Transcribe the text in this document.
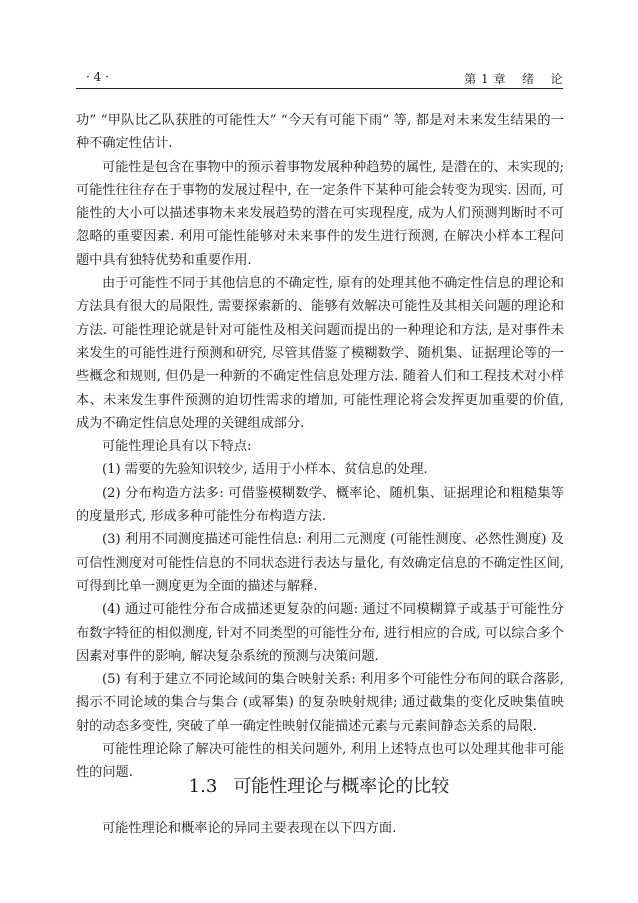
· 4 ·	第 1 章 绪 论

功” “甲队比乙队获胜的可能性大” “今天有可能下雨” 等, 都是对未来发生结果的一种不确定性估计.

可能性是包含在事物中的预示着事物发展种种趋势的属性, 是潜在的、未实现的; 可能性往往存在于事物的发展过程中, 在一定条件下某种可能会转变为现实. 因而, 可能性的大小可以描述事物未来发展趋势的潜在可实现程度, 成为人们预测判断时不可忽略的重要因素. 利用可能性能够对未来事件的发生进行预测, 在解决小样本工程问题中具有独特优势和重要作用.

由于可能性不同于其他信息的不确定性, 原有的处理其他不确定性信息的理论和方法具有很大的局限性, 需要探索新的、能够有效解决可能性及其相关问题的理论和方法. 可能性理论就是针对可能性及相关问题而提出的一种理论和方法, 是对事件未来发生的可能性进行预测和研究, 尽管其借鉴了模糊数学、随机集、证据理论等的一些概念和规则, 但仍是一种新的不确定性信息处理方法. 随着人们和工程技术对小样本、未来发生事件预测的迫切性需求的增加, 可能性理论将会发挥更加重要的价值, 成为不确定性信息处理的关键组成部分.

可能性理论具有以下特点:

(1) 需要的先验知识较少, 适用于小样本、贫信息的处理.

(2) 分布构造方法多: 可借鉴模糊数学、概率论、随机集、证据理论和粗糙集等的度量形式, 形成多种可能性分布构造方法.

(3) 利用不同测度描述可能性信息: 利用二元测度 (可能性测度、必然性测度) 及可信性测度对可能性信息的不同状态进行表达与量化, 有效确定信息的不确定性区间, 可得到比单一测度更为全面的描述与解释.

(4) 通过可能性分布合成描述更复杂的问题: 通过不同模糊算子或基于可能性分布数字特征的相似测度, 针对不同类型的可能性分布, 进行相应的合成, 可以综合多个因素对事件的影响, 解决复杂系统的预测与决策问题.

(5) 有利于建立不同论域间的集合映射关系: 利用多个可能性分布间的联合落影, 揭示不同论域的集合与集合 (或幂集) 的复杂映射规律; 通过截集的变化反映集值映射的动态多变性, 突破了单一确定性映射仅能描述元素与元素间静态关系的局限.

可能性理论除了解决可能性的相关问题外, 利用上述特点也可以处理其他非可能性的问题.

1.3 可能性理论与概率论的比较

可能性理论和概率论的异同主要表现在以下四方面.
